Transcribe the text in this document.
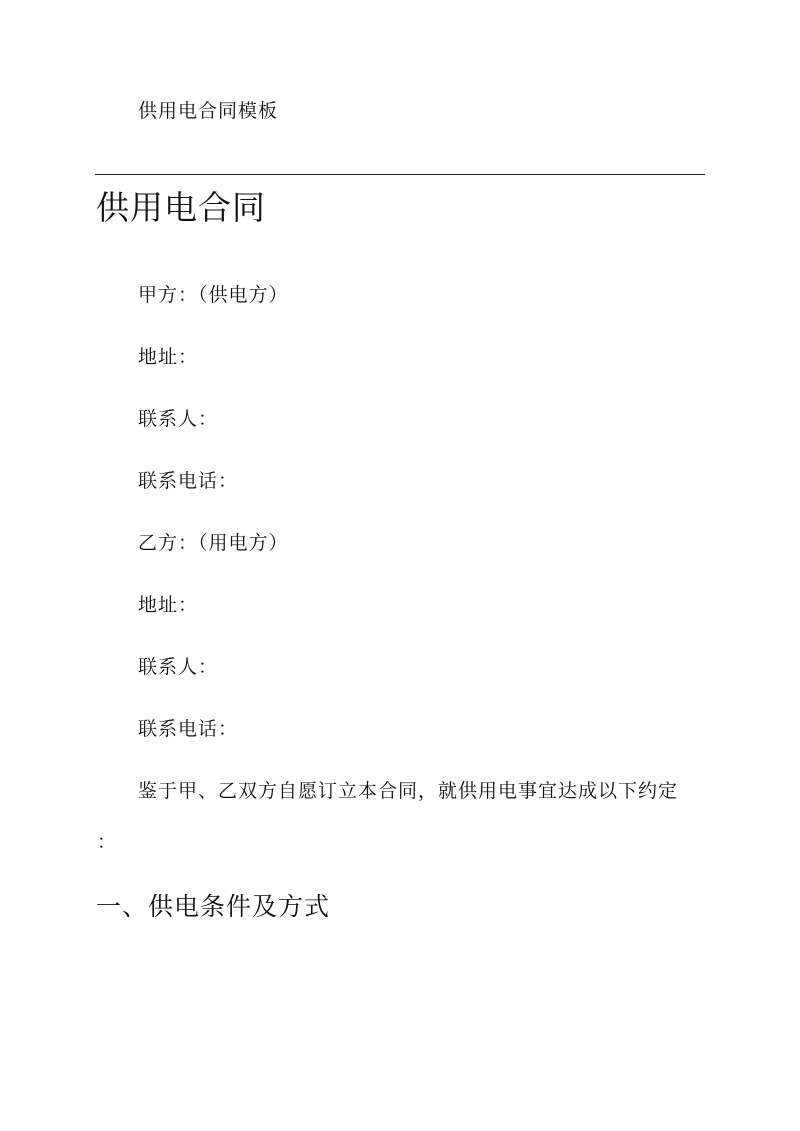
供用电合同模板
供用电合同
甲方：（供电方）
地址：
联系人：
联系电话：
乙方：（用电方）
地址：
联系人：
联系电话：
鉴于甲、乙双方自愿订立本合同，就供用电事宜达成以下约定
：
一、供电条件及方式
